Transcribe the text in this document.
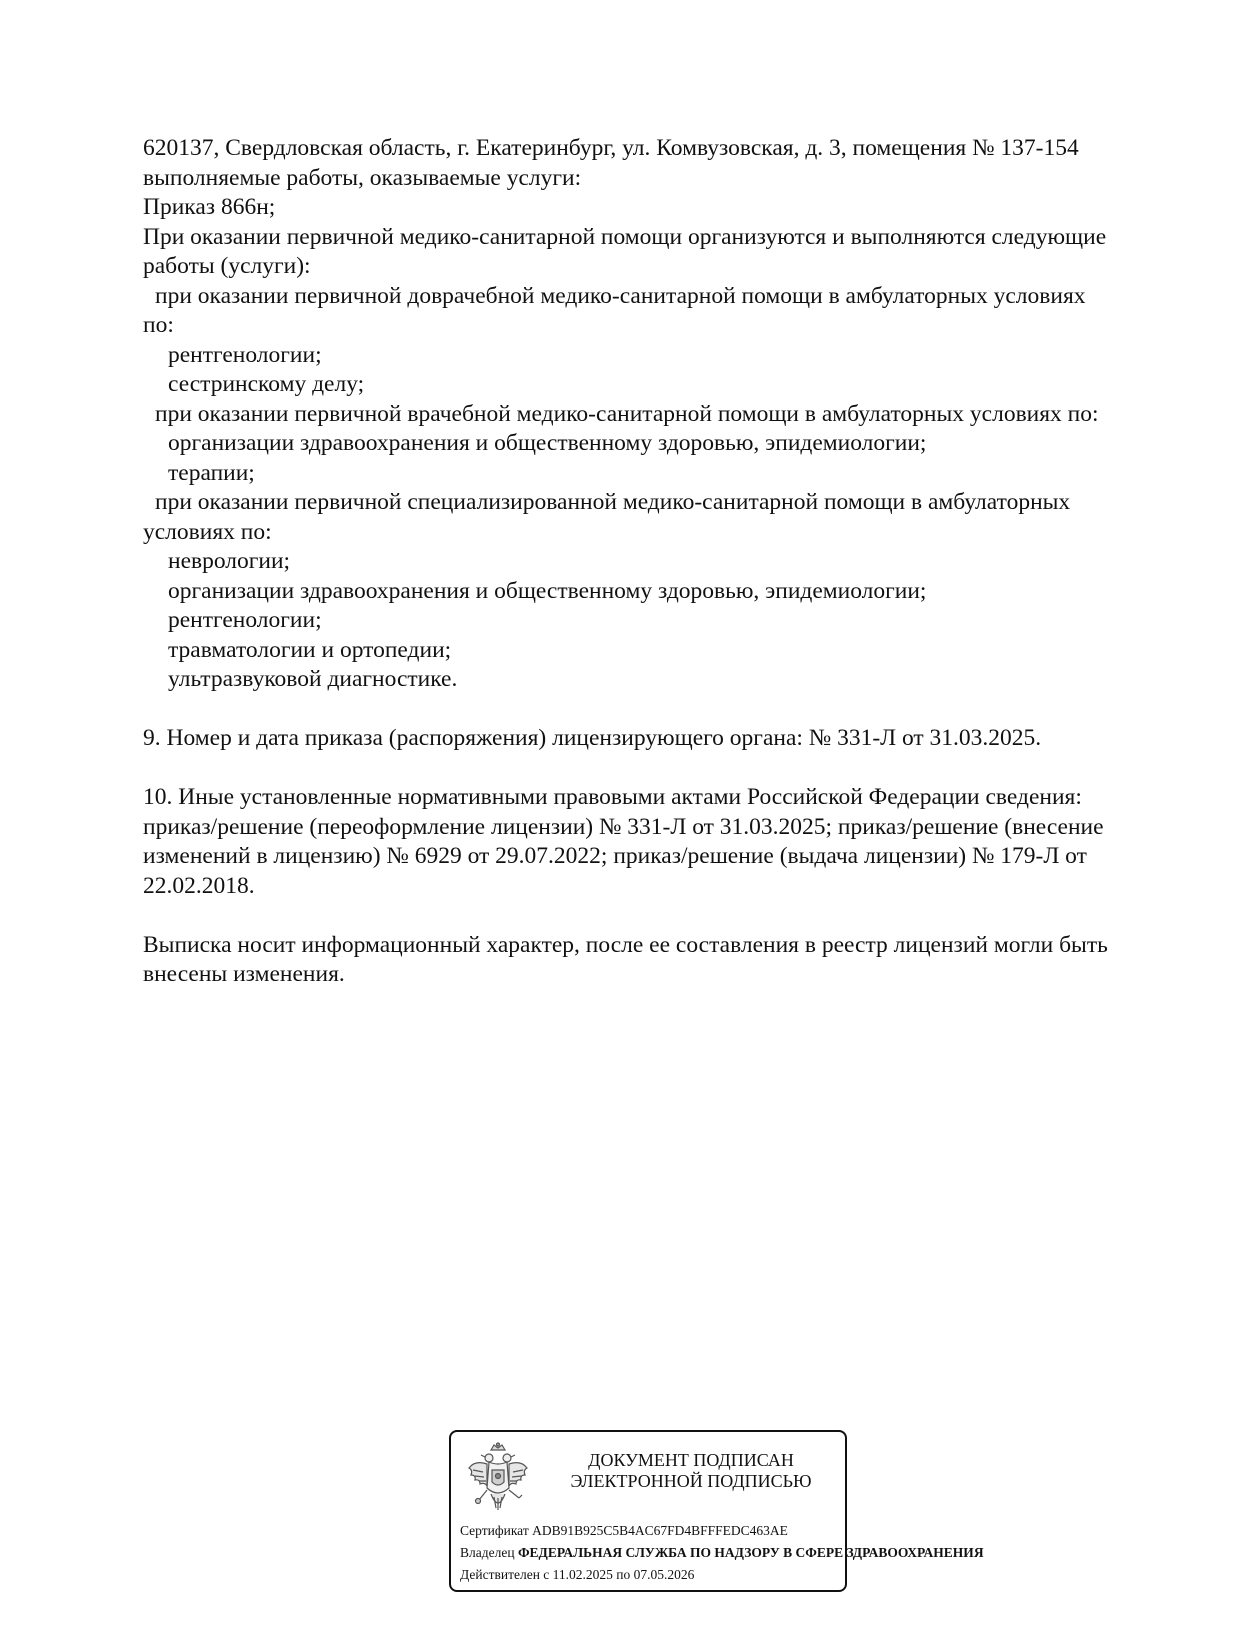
620137, Свердловская область, г. Екатеринбург, ул. Комвузовская, д. 3, помещения № 137-154
выполняемые работы, оказываемые услуги:
Приказ 866н;
При оказании первичной медико-санитарной помощи организуются и выполняются следующие
работы (услуги):
при оказании первичной доврачебной медико-санитарной помощи в амбулаторных условиях
по:
рентгенологии;
сестринскому делу;
при оказании первичной врачебной медико-санитарной помощи в амбулаторных условиях по:
организации здравоохранения и общественному здоровью, эпидемиологии;
терапии;
при оказании первичной специализированной медико-санитарной помощи в амбулаторных
условиях по:
неврологии;
организации здравоохранения и общественному здоровью, эпидемиологии;
рентгенологии;
травматологии и ортопедии;
ультразвуковой диагностике.
9. Номер и дата приказа (распоряжения) лицензирующего органа: № 331-Л от 31.03.2025.
10. Иные установленные нормативными правовыми актами Российской Федерации сведения:
приказ/решение (переоформление лицензии) № 331-Л от 31.03.2025; приказ/решение (внесение
изменений в лицензию) № 6929 от 29.07.2022; приказ/решение (выдача лицензии) № 179-Л от
22.02.2018.
Выписка носит информационный характер, после ее составления в реестр лицензий могли быть
внесены изменения.
ДОКУМЕНТ ПОДПИСАН
ЭЛЕКТРОННОЙ ПОДПИСЬЮ
Сертификат ADB91B925C5B4AC67FD4BFFFEDC463AE
Владелец ФЕДЕРАЛЬНАЯ СЛУЖБА ПО НАДЗОРУ В СФЕРЕ ЗДРАВООХРАНЕНИЯ
Действителен с 11.02.2025 по 07.05.2026
